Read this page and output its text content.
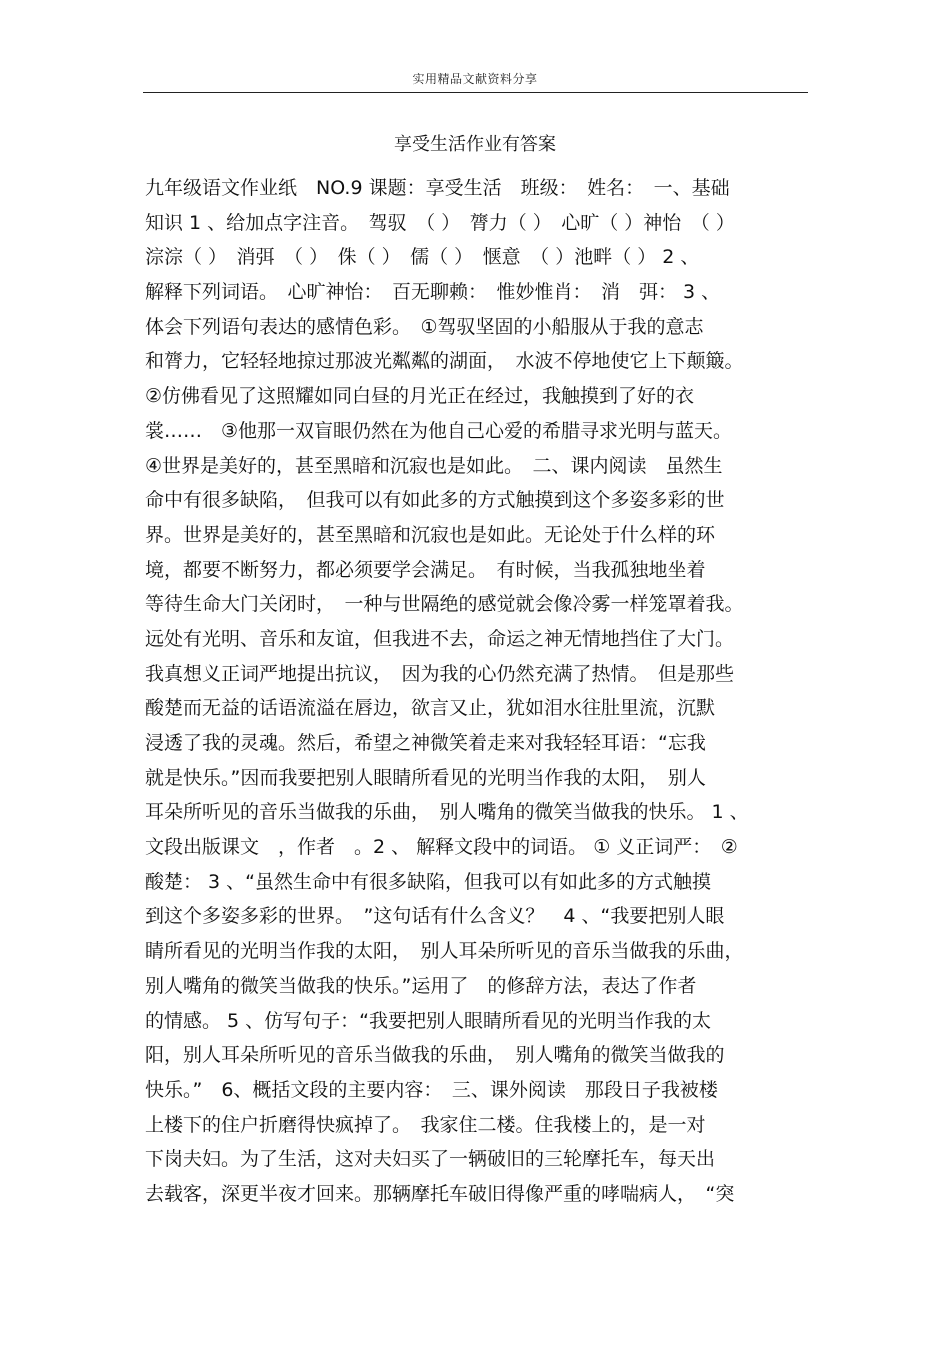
实用精品文献资料分享
享受生活作业有答案
九年级语文作业纸　NO.9 课题：享受生活　班级：　姓名：　一、基础
知识 1 、给加点字注音。　驾驭　（ ）　膂力（ ）　心旷（ ）神怡　（ ）
淙淙（ ）　消弭　（ ）　侏（ ）　儒（ ）　惬意　（ ）池畔（ ） 2 、
解释下列词语。　心旷神怡：　百无聊赖：　惟妙惟肖：　消　弭： 3 、
体会下列语句表达的感情色彩。　①驾驭坚固的小船服从于我的意志
和膂力，它轻轻地掠过那波光粼粼的湖面，　水波不停地使它上下颠簸。
②仿佛看见了这照耀如同白昼的月光正在经过，我触摸到了好的衣
裳……　③他那一双盲眼仍然在为他自己心爱的希腊寻求光明与蓝天。
④世界是美好的，甚至黑暗和沉寂也是如此。　二、课内阅读　虽然生
命中有很多缺陷，　但我可以有如此多的方式触摸到这个多姿多彩的世
界。世界是美好的，甚至黑暗和沉寂也是如此。无论处于什么样的环
境，都要不断努力，都必须要学会满足。　有时候，当我孤独地坐着
等待生命大门关闭时，　一种与世隔绝的感觉就会像冷雾一样笼罩着我。
远处有光明、音乐和友谊，但我进不去，命运之神无情地挡住了大门。
我真想义正词严地提出抗议，　因为我的心仍然充满了热情。　但是那些
酸楚而无益的话语流溢在唇边，欲言又止，犹如泪水往肚里流，沉默
浸透了我的灵魂。然后，希望之神微笑着走来对我轻轻耳语：“忘我
就是快乐。”因而我要把别人眼睛所看见的光明当作我的太阳，　别人
耳朵所听见的音乐当做我的乐曲，　别人嘴角的微笑当做我的快乐。 1 、
文段出版课文　，作者　。2 、 解释文段中的词语。 ① 义正词严：　②
酸楚： 3 、“虽然生命中有很多缺陷，但我可以有如此多的方式触摸
到这个多姿多彩的世界。　”这句话有什么含义？　4 、“我要把别人眼
睛所看见的光明当作我的太阳，　别人耳朵所听见的音乐当做我的乐曲，
别人嘴角的微笑当做我的快乐。”运用了　的修辞方法，表达了作者
的情感。 5 、仿写句子：“我要把别人眼睛所看见的光明当作我的太
阳，别人耳朵所听见的音乐当做我的乐曲，　别人嘴角的微笑当做我的
快乐。”　6、概括文段的主要内容：　三、课外阅读　那段日子我被楼
上楼下的住户折磨得快疯掉了。　我家住二楼。住我楼上的，是一对
下岗夫妇。为了生活，这对夫妇买了一辆破旧的三轮摩托车，每天出
去载客，深更半夜才回来。那辆摩托车破旧得像严重的哮喘病人，　“突
